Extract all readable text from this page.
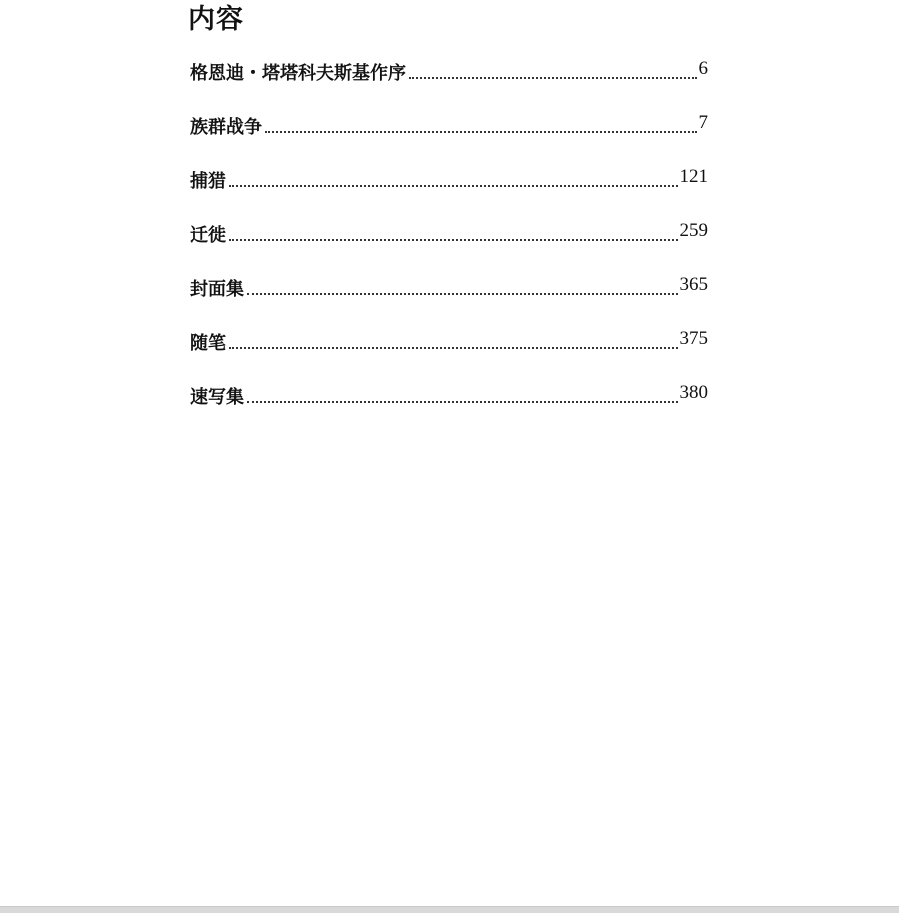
内容
格恩迪・塔塔科夫斯基作序	6
族群战争	7
捕猎	121
迁徙	259
封面集	365
随笔	375
速写集	380
